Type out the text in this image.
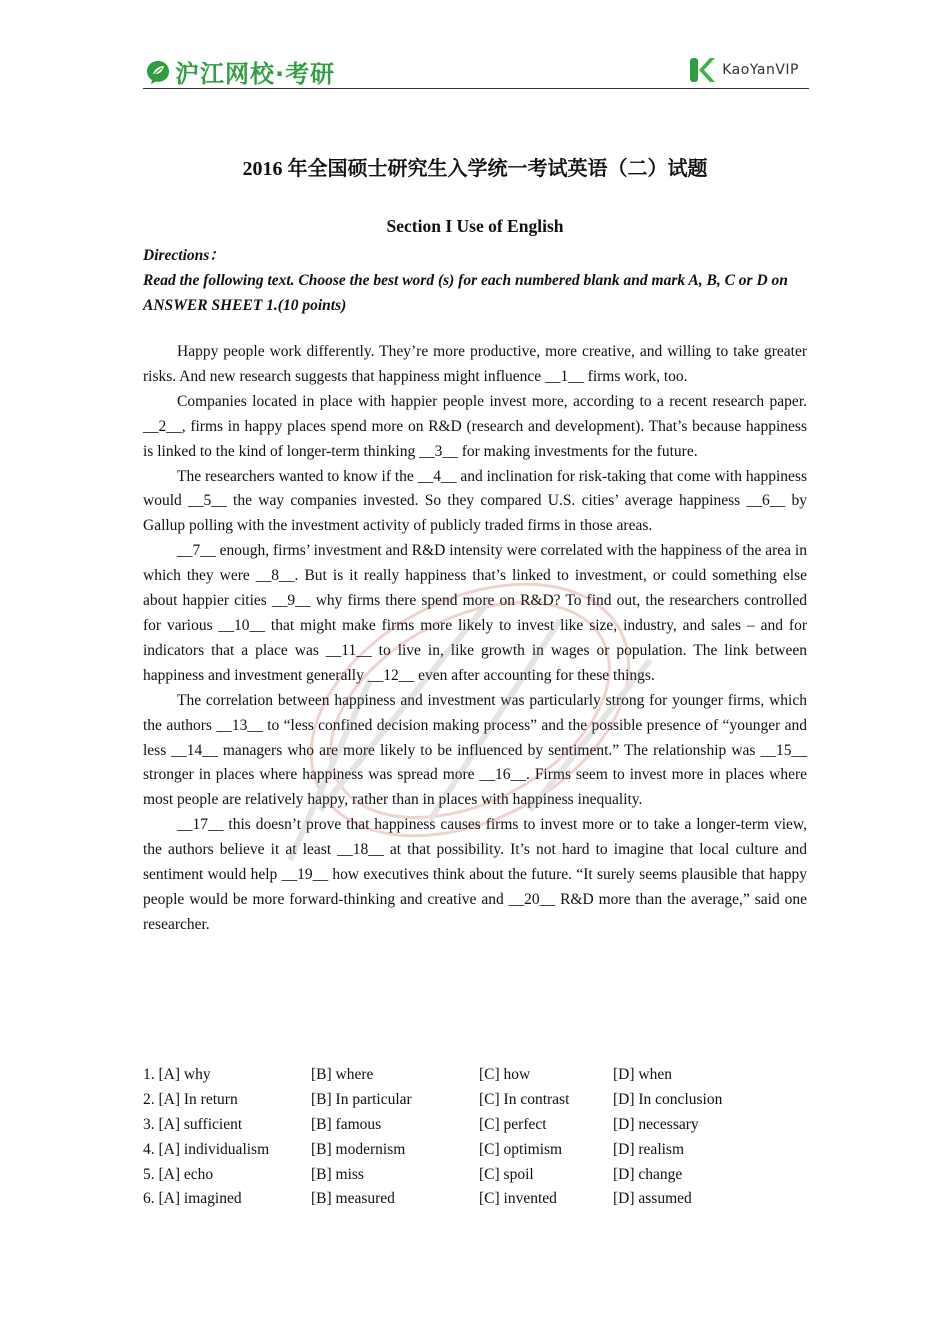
沪江网校·考研	KaoYanVIP
2016 年全国硕士研究生入学统一考试英语（二）试题
Section I Use of English
Directions：
Read the following text. Choose the best word (s) for each numbered blank and mark A, B, C or D on ANSWER SHEET 1.(10 points)

Happy people work differently. They’re more productive, more creative, and willing to take greater risks. And new research suggests that happiness might influence __1__ firms work, too.

Companies located in place with happier people invest more, according to a recent research paper. __2__, firms in happy places spend more on R&D (research and development). That’s because happiness is linked to the kind of longer-term thinking __3__ for making investments for the future.

The researchers wanted to know if the __4__ and inclination for risk-taking that come with happiness would __5__ the way companies invested. So they compared U.S. cities’ average happiness __6__ by Gallup polling with the investment activity of publicly traded firms in those areas.

__7__ enough, firms’ investment and R&D intensity were correlated with the happiness of the area in which they were __8__. But is it really happiness that’s linked to investment, or could something else about happier cities __9__ why firms there spend more on R&D? To find out, the researchers controlled for various __10__ that might make firms more likely to invest like size, industry, and sales – and for indicators that a place was __11__ to live in, like growth in wages or population. The link between happiness and investment generally __12__ even after accounting for these things.

The correlation between happiness and investment was particularly strong for younger firms, which the authors __13__ to “less confined decision making process” and the possible presence of “younger and less __14__ managers who are more likely to be influenced by sentiment.” The relationship was __15__ stronger in places where happiness was spread more __16__. Firms seem to invest more in places where most people are relatively happy, rather than in places with happiness inequality.

__17__ this doesn’t prove that happiness causes firms to invest more or to take a longer-term view, the authors believe it at least __18__ at that possibility. It’s not hard to imagine that local culture and sentiment would help __19__ how executives think about the future. “It surely seems plausible that happy people would be more forward-thinking and creative and __20__ R&D more than the average,” said one researcher.

1. [A] why	[B] where	[C] how	[D] when
2. [A] In return	[B] In particular	[C] In contrast	[D] In conclusion
3. [A] sufficient	[B] famous	[C] perfect	[D] necessary
4. [A] individualism	[B] modernism	[C] optimism	[D] realism
5. [A] echo	[B] miss	[C] spoil	[D] change
6. [A] imagined	[B] measured	[C] invented	[D] assumed
